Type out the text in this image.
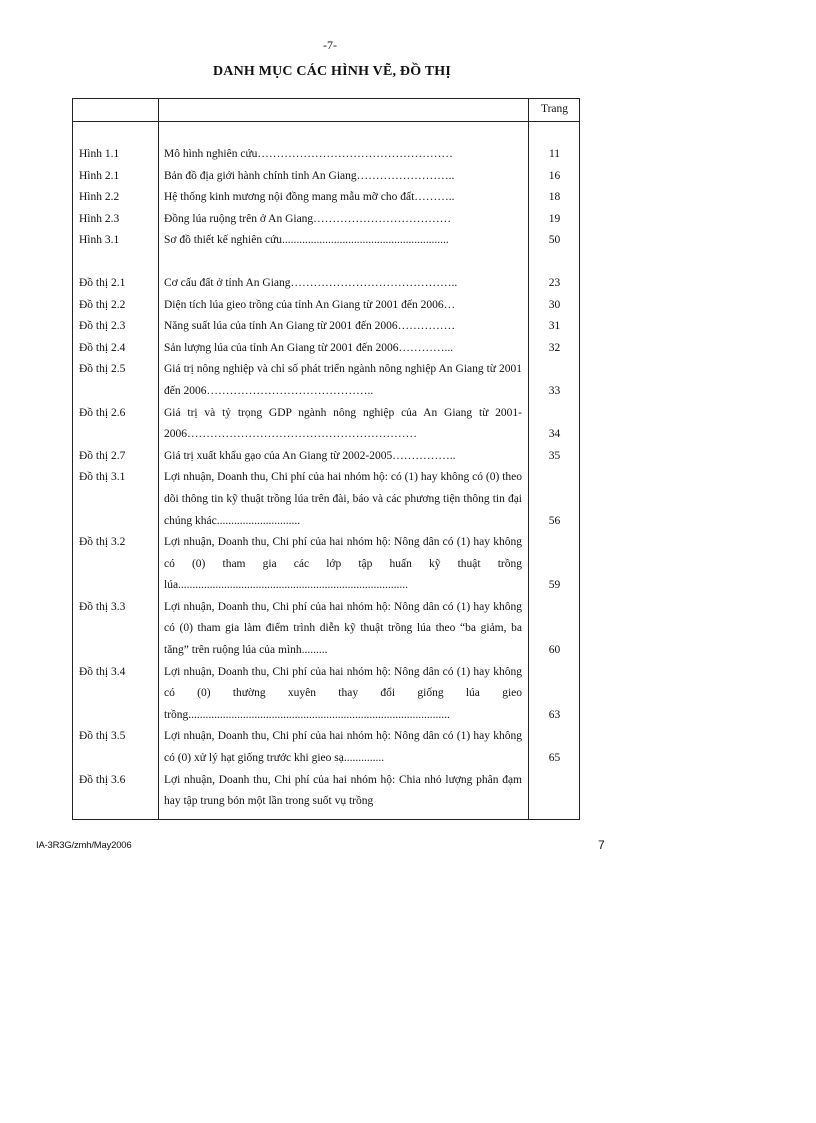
-7-
DANH MỤC CÁC HÌNH VẼ, ĐỒ THỊ
Trang
Hình 1.1	Mô hình nghiên cứu……………………………………………	11
Hình 2.1	Bản đồ địa giới hành chính tỉnh An Giang……………………..	16
Hình 2.2	Hệ thống kinh mương nội đồng mang mẫu mỡ cho đất………..	18
Hình 2.3	Đồng lúa ruộng trên ở An Giang………………………………	19
Hình 3.1	Sơ đồ thiết kế nghiên cứu..........................................................	50
Đồ thị 2.1	Cơ cấu đất ở tỉnh An Giang……………………………………..	23
Đồ thị 2.2	Diện tích lúa gieo trồng của tỉnh An Giang từ 2001 đến 2006…	30
Đồ thị 2.3	Năng suất lúa của tỉnh An Giang từ 2001 đến 2006……………	31
Đồ thị 2.4	Sản lượng lúa của tỉnh An Giang từ 2001 đến 2006…………...	32
Đồ thị 2.5	Giá trị nông nghiệp và chỉ số phát triển ngành nông nghiệp An Giang từ 2001 đến 2006……………………………………..	33
Đồ thị 2.6	Giá trị và tỷ trọng GDP ngành nông nghiệp của An Giang từ 2001-2006……………………………………………………	34
Đồ thị 2.7	Giá trị xuất khẩu gạo của An Giang từ 2002-2005……………..	35
Đồ thị 3.1	Lợi nhuận, Doanh thu, Chi phí của hai nhóm hộ: có (1) hay không có (0) theo dõi thông tin kỹ thuật trồng lúa trên đài, báo và các phương tiện thông tin đại chúng khác.............................	56
Đồ thị 3.2	Lợi nhuận, Doanh thu, Chi phí của hai nhóm hộ: Nông dân có (1) hay không có (0) tham gia các lớp tập huấn kỹ thuật trồng lúa................................................................................	59
Đồ thị 3.3	Lợi nhuận, Doanh thu, Chi phí của hai nhóm hộ: Nông dân có (1) hay không có (0) tham gia làm điểm trình diễn kỹ thuật trồng lúa theo “ba giảm, ba tăng” trên ruộng lúa của mình.........	60
Đồ thị 3.4	Lợi nhuận, Doanh thu, Chi phí của hai nhóm hộ: Nông dân có (1) hay không có (0) thường xuyên thay đổi giống lúa gieo trồng...........................................................................................	63
Đồ thị 3.5	Lợi nhuận, Doanh thu, Chi phí của hai nhóm hộ: Nông dân có (1) hay không có (0) xử lý hạt giống trước khi gieo sạ..............	65
Đồ thị 3.6	Lợi nhuận, Doanh thu, Chi phí của hai nhóm hộ: Chia nhỏ lượng phân đạm hay tập trung bón một lần trong suốt vụ trồng
IA-3R3G/zmh/May2006	7
